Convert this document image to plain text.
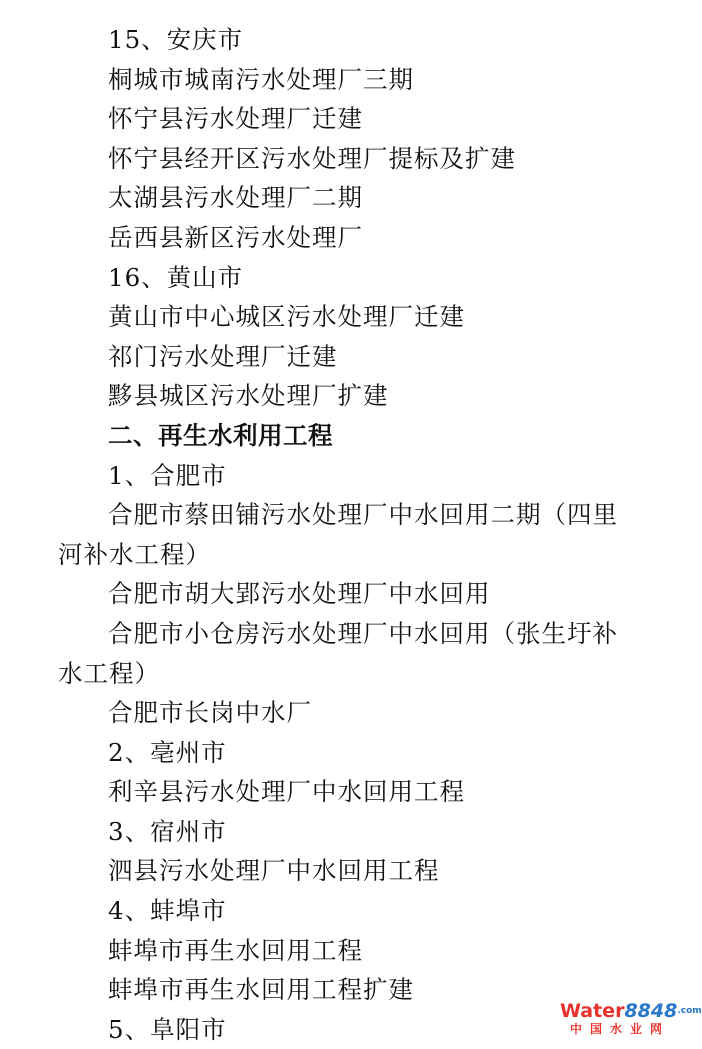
15、安庆市
桐城市城南污水处理厂三期
怀宁县污水处理厂迁建
怀宁县经开区污水处理厂提标及扩建
太湖县污水处理厂二期
岳西县新区污水处理厂
16、黄山市
黄山市中心城区污水处理厂迁建
祁门污水处理厂迁建
黟县城区污水处理厂扩建
二、再生水利用工程
1、合肥市
合肥市蔡田铺污水处理厂中水回用二期（四里
河补水工程）
合肥市胡大郢污水处理厂中水回用
合肥市小仓房污水处理厂中水回用（张生圩补
水工程）
合肥市长岗中水厂
2、亳州市
利辛县污水处理厂中水回用工程
3、宿州市
泗县污水处理厂中水回用工程
4、蚌埠市
蚌埠市再生水回用工程
蚌埠市再生水回用工程扩建
5、阜阳市
$Water8848^{.com}$
中国水业网
